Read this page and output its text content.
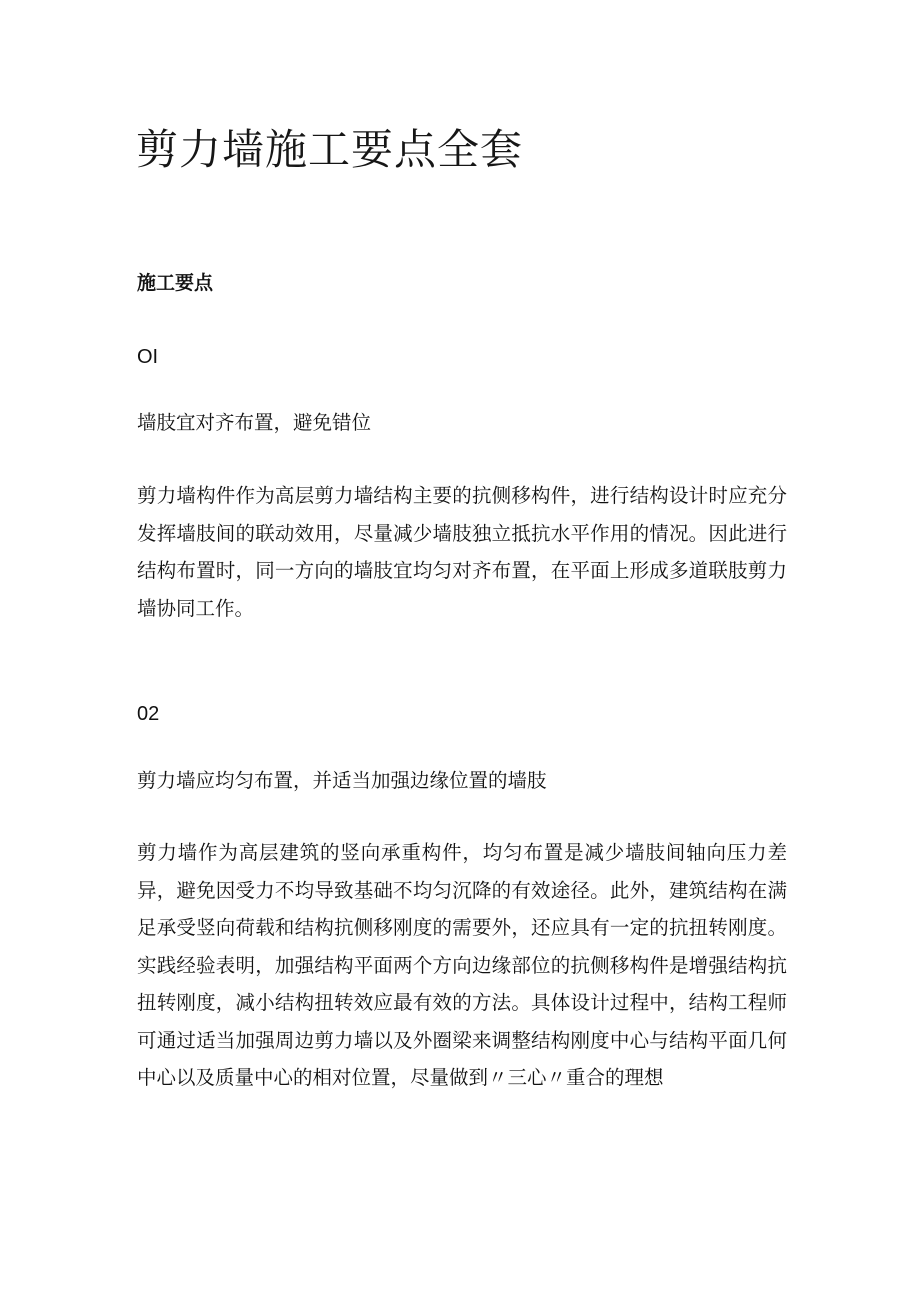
剪力墙施工要点全套
施工要点
OI
墙肢宜对齐布置，避免错位

剪力墙构件作为高层剪力墙结构主要的抗侧移构件，进行结构设计时应充分发挥墙肢间的联动效用，尽量减少墙肢独立抵抗水平作用的情况。因此进行结构布置时，同一方向的墙肢宜均匀对齐布置，在平面上形成多道联肢剪力墙协同工作。

02
剪力墙应均匀布置，并适当加强边缘位置的墙肢

剪力墙作为高层建筑的竖向承重构件，均匀布置是减少墙肢间轴向压力差异，避免因受力不均导致基础不均匀沉降的有效途径。此外，建筑结构在满足承受竖向荷载和结构抗侧移刚度的需要外，还应具有一定的抗扭转刚度。实践经验表明，加强结构平面两个方向边缘部位的抗侧移构件是增强结构抗扭转刚度，减小结构扭转效应最有效的方法。具体设计过程中，结构工程师可通过适当加强周边剪力墙以及外圈梁来调整结构刚度中心与结构平面几何中心以及质量中心的相对位置，尽量做到〃三心〃重合的理想
